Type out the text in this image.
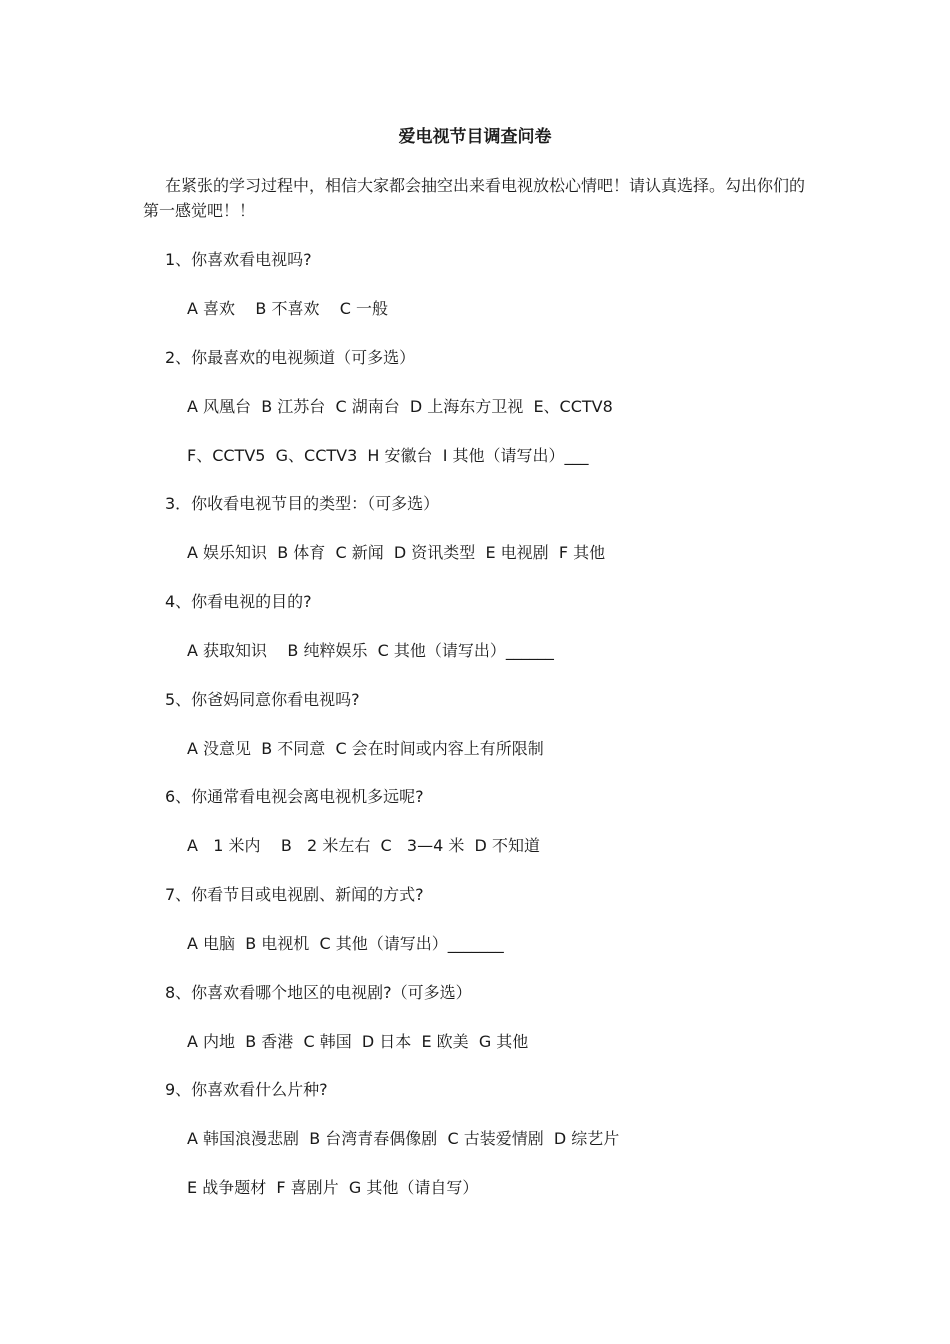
爱电视节目调查问卷
在紧张的学习过程中，相信大家都会抽空出来看电视放松心情吧！请认真选择。勾出你们的第一感觉吧！！
1、你喜欢看电视吗?
A 喜欢    B 不喜欢    C 一般
2、你最喜欢的电视频道（可多选）
A 风凰台  B 江苏台  C 湖南台  D 上海东方卫视  E、CCTV8
F、CCTV5  G、CCTV3  H 安徽台  I 其他（请写出）___
3．你收看电视节目的类型：（可多选）
A 娱乐知识  B 体育  C 新闻  D 资讯类型  E 电视剧  F 其他
4、你看电视的目的?
A 获取知识    B 纯粹娱乐  C 其他（请写出）______
5、你爸妈同意你看电视吗?
A 没意见  B 不同意  C 会在时间或内容上有所限制
6、你通常看电视会离电视机多远呢?
A   1 米内    B   2 米左右  C   3—4 米  D 不知道
7、你看节目或电视剧、新闻的方式?
A 电脑  B 电视机  C 其他（请写出）_______
8、你喜欢看哪个地区的电视剧?（可多选）
A 内地  B 香港  C 韩国  D 日本  E 欧美  G 其他
9、你喜欢看什么片种?
A 韩国浪漫悲剧  B 台湾青春偶像剧  C 古装爱情剧  D 综艺片
E 战争题材  F 喜剧片  G 其他（请自写）
